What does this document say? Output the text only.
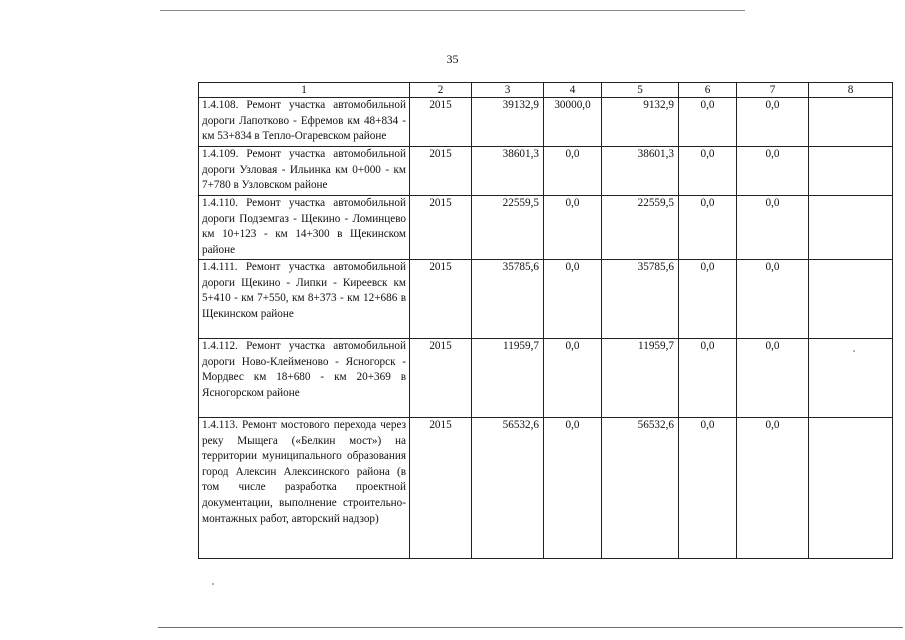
35
1	2	3	4	5	6	7	8
1.4.108. Ремонт участка автомобильной дороги Лапотково - Ефремов км 48+834 - км 53+834 в Тепло-Огаревском районе	2015	39132,9	30000,0	9132,9	0,0	0,0	
1.4.109. Ремонт участка автомобильной дороги Узловая - Ильинка км 0+000 - км 7+780 в Узловском районе	2015	38601,3	0,0	38601,3	0,0	0,0	
1.4.110. Ремонт участка автомобильной дороги Подземгаз - Щекино - Ломинцево км 10+123 - км 14+300 в Щекинском районе	2015	22559,5	0,0	22559,5	0,0	0,0	
1.4.111. Ремонт участка автомобильной дороги Щекино - Липки - Киреевск км 5+410 - км 7+550, км 8+373 - км 12+686 в Щекинском районе	2015	35785,6	0,0	35785,6	0,0	0,0	
1.4.112. Ремонт участка автомобильной дороги Ново-Клейменово - Ясногорск - Мордвес км 18+680 - км 20+369 в Ясногорском районе	2015	11959,7	0,0	11959,7	0,0	0,0	
1.4.113. Ремонт мостового перехода через реку Мыщега («Белкин мост») на территории муниципального образования город Алексин Алексинского района (в том числе разработка проектной документации, выполнение строительно-монтажных работ, авторский надзор)	2015	56532,6	0,0	56532,6	0,0	0,0	
